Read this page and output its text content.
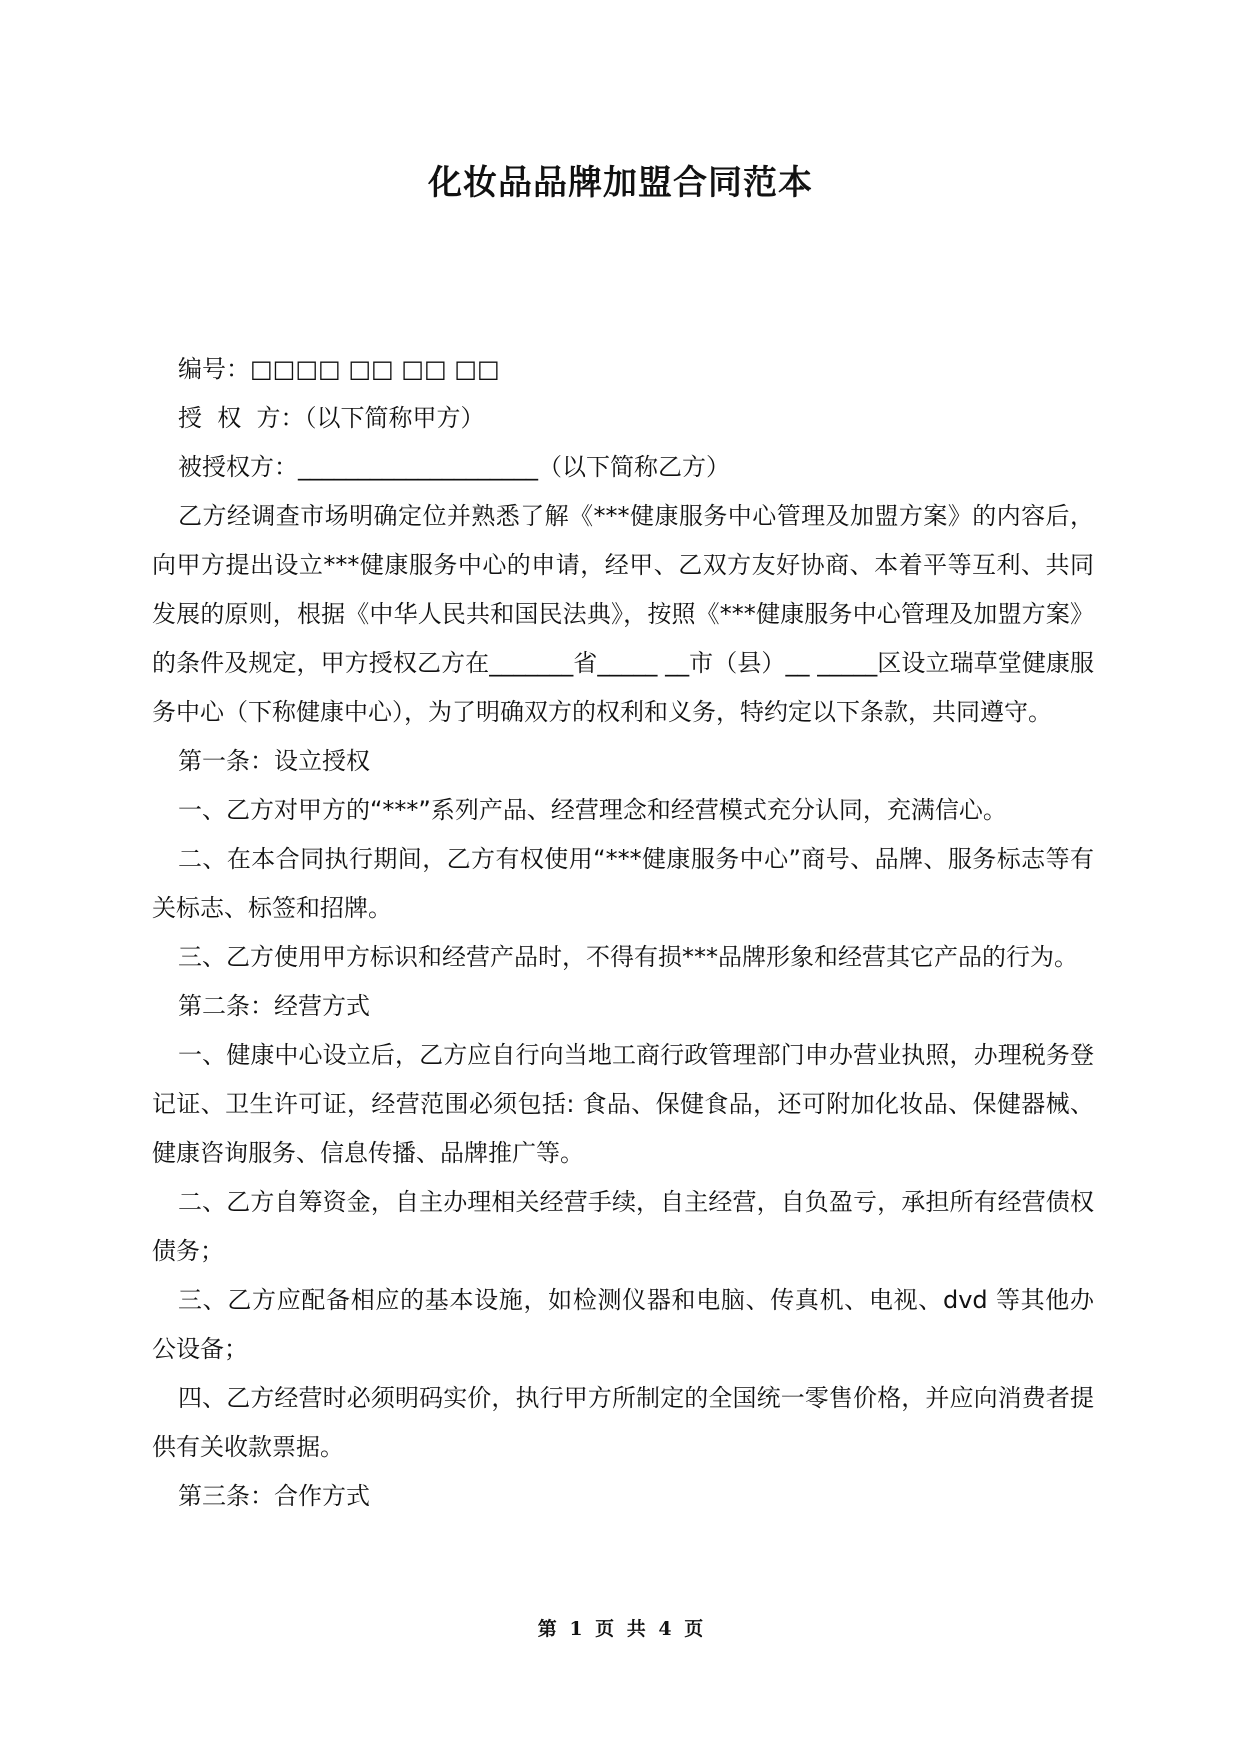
化妆品品牌加盟合同范本

编号：□□□□ □□ □□ □□

授  权  方：（以下简称甲方）

被授权方：____________________（以下简称乙方）

乙方经调查市场明确定位并熟悉了解《***健康服务中心管理及加盟方案》的内容后，向甲方提出设立***健康服务中心的申请，经甲、乙双方友好协商、本着平等互利、共同发展的原则，根据《中华人民共和国民法典》，按照《***健康服务中心管理及加盟方案》的条件及规定，甲方授权乙方在_______省_____ __市（县）__ _____区设立瑞草堂健康服务中心（下称健康中心），为了明确双方的权利和义务，特约定以下条款，共同遵守。

第一条：设立授权

一、乙方对甲方的“***”系列产品、经营理念和经营模式充分认同，充满信心。

二、在本合同执行期间，乙方有权使用“***健康服务中心”商号、品牌、服务标志等有关标志、标签和招牌。

三、乙方使用甲方标识和经营产品时，不得有损***品牌形象和经营其它产品的行为。

第二条：经营方式

一、健康中心设立后，乙方应自行向当地工商行政管理部门申办营业执照，办理税务登记证、卫生许可证，经营范围必须包括: 食品、保健食品，还可附加化妆品、保健器械、健康咨询服务、信息传播、品牌推广等。

二、乙方自筹资金，自主办理相关经营手续，自主经营，自负盈亏，承担所有经营债权债务；

三、乙方应配备相应的基本设施，如检测仪器和电脑、传真机、电视、dvd 等其他办公设备；

四、乙方经营时必须明码实价，执行甲方所制定的全国统一零售价格，并应向消费者提供有关收款票据。

第三条：合作方式

第 1 页 共 4 页
